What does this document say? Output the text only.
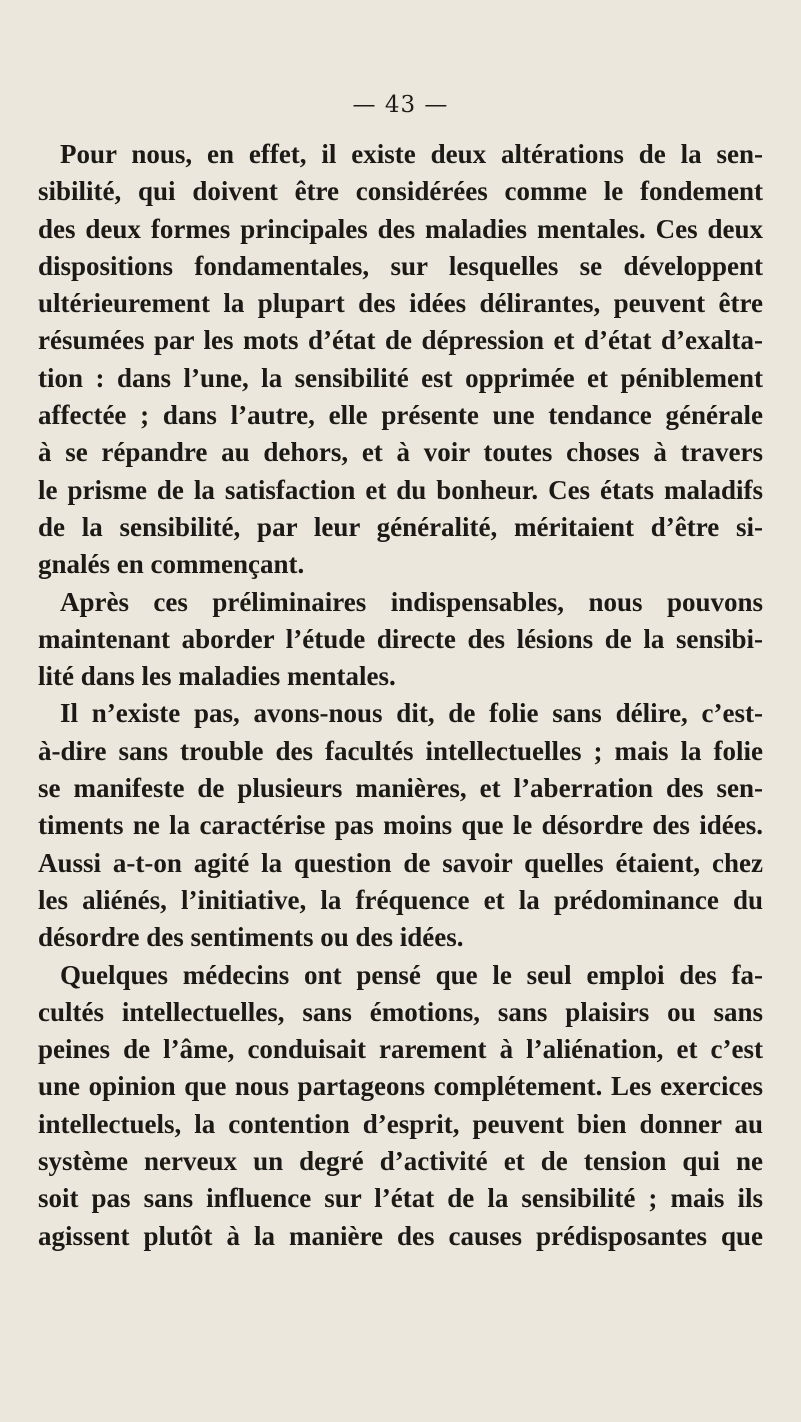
— 43 —
Pour nous, en effet, il existe deux altérations de la sen-
sibilité, qui doivent être considérées comme le fondement
des deux formes principales des maladies mentales. Ces deux
dispositions fondamentales, sur lesquelles se développent
ultérieurement la plupart des idées délirantes, peuvent être
résumées par les mots d’état de dépression et d’état d’exalta-
tion : dans l’une, la sensibilité est opprimée et péniblement
affectée ; dans l’autre, elle présente une tendance générale
à se répandre au dehors, et à voir toutes choses à travers
le prisme de la satisfaction et du bonheur. Ces états maladifs
de la sensibilité, par leur généralité, méritaient d’être si-
gnalés en commençant.
Après ces préliminaires indispensables, nous pouvons
maintenant aborder l’étude directe des lésions de la sensibi-
lité dans les maladies mentales.
Il n’existe pas, avons-nous dit, de folie sans délire, c’est-
à-dire sans trouble des facultés intellectuelles ; mais la folie
se manifeste de plusieurs manières, et l’aberration des sen-
timents ne la caractérise pas moins que le désordre des idées.
Aussi a-t-on agité la question de savoir quelles étaient, chez
les aliénés, l’initiative, la fréquence et la prédominance du
désordre des sentiments ou des idées.
Quelques médecins ont pensé que le seul emploi des fa-
cultés intellectuelles, sans émotions, sans plaisirs ou sans
peines de l’âme, conduisait rarement à l’aliénation, et c’est
une opinion que nous partageons complétement. Les exercices
intellectuels, la contention d’esprit, peuvent bien donner au
système nerveux un degré d’activité et de tension qui ne
soit pas sans influence sur l’état de la sensibilité ; mais ils
agissent plutôt à la manière des causes prédisposantes que
